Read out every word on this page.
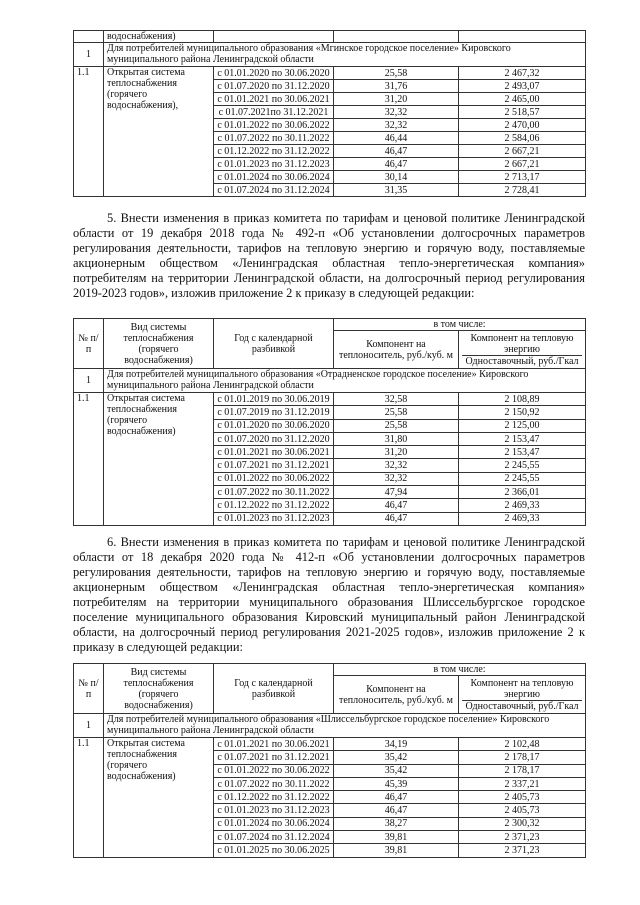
	водоснабжения)			
1	Для потребителей муниципального образования «Мгинское городское поселение» Кировского муниципального района Ленинградской области			
1.1	Открытая система теплоснабжения (горячего водоснабжения),	с 01.01.2020 по 30.06.2020	25,58	2 467,32
		с 01.07.2020 по 31.12.2020	31,76	2 493,07
		с 01.01.2021 по 30.06.2021	31,20	2 465,00
		с 01.07.2021по 31.12.2021	32,32	2 518,57
		с 01.01.2022 по 30.06.2022	32,32	2 470,00
		с 01.07.2022 по 30.11.2022	46,44	2 584,06
		с 01.12.2022 по 31.12.2022	46,47	2 667,21
		с 01.01.2023 по 31.12.2023	46,47	2 667,21
		с 01.01.2024 по 30.06.2024	30,14	2 713,17
		с 01.07.2024 по 31.12.2024	31,35	2 728,41
5. Внести изменения в приказ комитета по тарифам и ценовой политике Ленинградской области от 19 декабря 2018 года № 492-п «Об установлении долгосрочных параметров регулирования деятельности, тарифов на тепловую энергию и горячую воду, поставляемые акционерным обществом «Ленинградская областная тепло-энергетическая компания» потребителям на территории Ленинградской области, на долгосрочный период регулирования 2019-2023 годов», изложив приложение 2 к приказу в следующей редакции:
№ п/п	Вид системы теплоснабжения (горячего водоснабжения)	Год с календарной разбивкой	в том числе:	
			Компонент на теплоноситель, руб./куб. м	Компонент на тепловую энергию
Одноставочный, руб./Гкал

1	Для потребителей муниципального образования «Отрадненское городское поселение» Кировского муниципального района Ленинградской области			
1.1	Открытая система теплоснабжения (горячего водоснабжения)	с 01.01.2019 по 30.06.2019	32,58	2 108,89
		с 01.07.2019 по 31.12.2019	25,58	2 150,92
		с 01.01.2020 по 30.06.2020	25,58	2 125,00
		с 01.07.2020 по 31.12.2020	31,80	2 153,47
		с 01.01.2021 по 30.06.2021	31,20	2 153,47
		с 01.07.2021 по 31.12.2021	32,32	2 245,55
		с 01.01.2022 по 30.06.2022	32,32	2 245,55
		с 01.07.2022 по 30.11.2022	47,94	2 366,01
		с 01.12.2022 по 31.12.2022	46,47	2 469,33
		с 01.01.2023 по 31.12.2023	46,47	2 469,33
6. Внести изменения в приказ комитета по тарифам и ценовой политике Ленинградской области от 18 декабря 2020 года № 412-п «Об установлении долгосрочных параметров регулирования деятельности, тарифов на тепловую энергию и горячую воду, поставляемые акционерным обществом «Ленинградская областная тепло-энергетическая компания» потребителям на территории муниципального образования Шлиссельбургское городское поселение муниципального образования Кировский муниципальный район Ленинградской области, на долгосрочный период регулирования 2021-2025 годов», изложив приложение 2 к приказу в следующей редакции:
№ п/п	Вид системы теплоснабжения (горячего водоснабжения)	Год с календарной разбивкой	в том числе:	
			Компонент на теплоноситель, руб./куб. м	Компонент на тепловую энергию
Одноставочный, руб./Гкал

1	Для потребителей муниципального образования «Шлиссельбургское городское поселение» Кировского муниципального района Ленинградской области			
1.1	Открытая система теплоснабжения (горячего водоснабжения)	с 01.01.2021 по 30.06.2021	34,19	2 102,48
		с 01.07.2021 по 31.12.2021	35,42	2 178,17
		с 01.01.2022 по 30.06.2022	35,42	2 178,17
		с 01.07.2022 по 30.11.2022	45,39	2 337,21
		с 01.12.2022 по 31.12.2022	46,47	2 405,73
		с 01.01.2023 по 31.12.2023	46,47	2 405,73
		с 01.01.2024 по 30.06.2024	38,27	2 300,32
		с 01.07.2024 по 31.12.2024	39,81	2 371,23
		с 01.01.2025 по 30.06.2025	39,81	2 371,23
